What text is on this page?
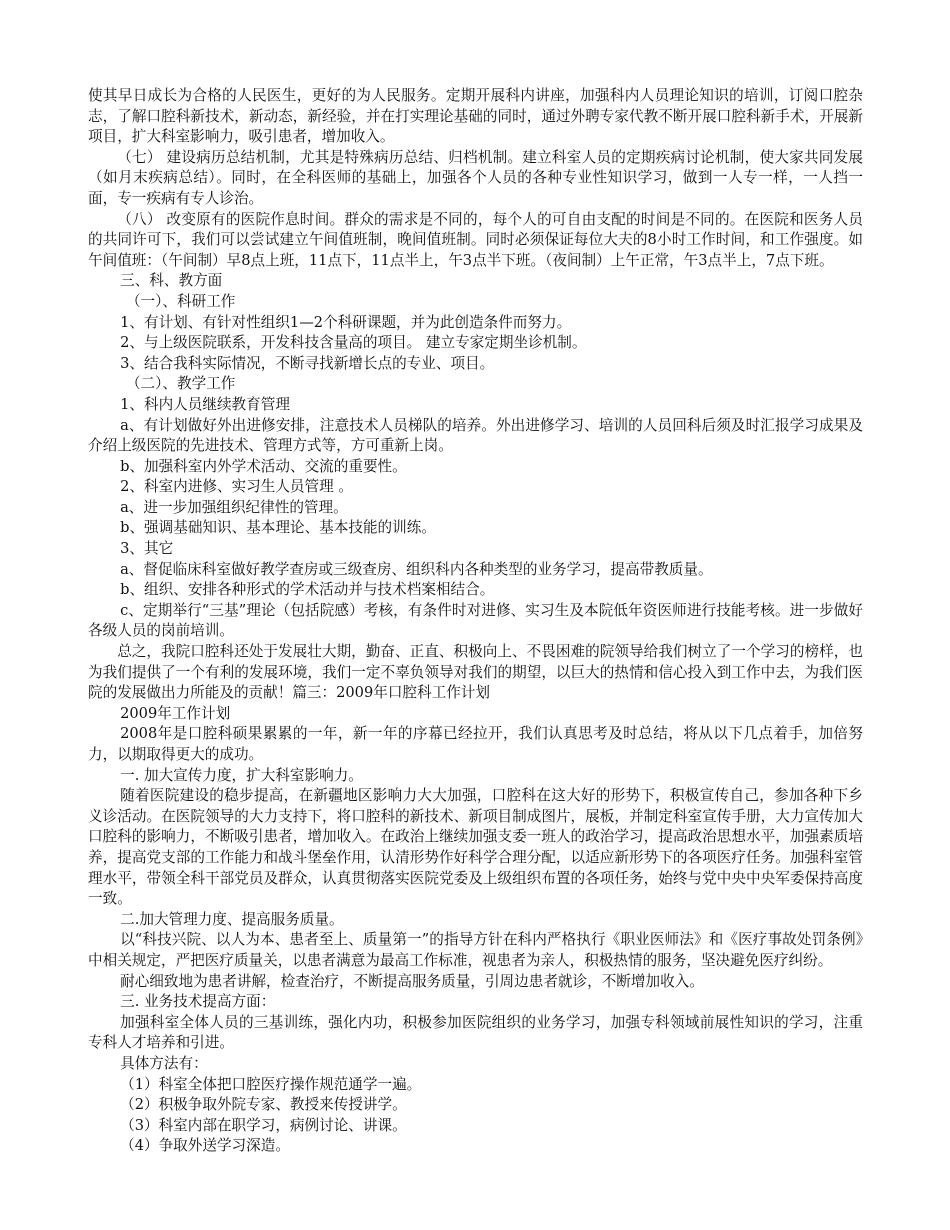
使其早日成长为合格的人民医生，更好的为人民服务。定期开展科内讲座，加强科内人员理论知识的培训，订阅口腔杂志，了解口腔科新技术，新动态，新经验，并在打实理论基础的同时，通过外聘专家代教不断开展口腔科新手术，开展新项目，扩大科室影响力，吸引患者，增加收入。

（七） 建设病历总结机制，尤其是特殊病历总结、归档机制。建立科室人员的定期疾病讨论机制，使大家共同发展（如月末疾病总结）。同时，在全科医师的基础上，加强各个人员的各种专业性知识学习，做到一人专一样，一人挡一面，专一疾病有专人诊治。

（八） 改变原有的医院作息时间。群众的需求是不同的，每个人的可自由支配的时间是不同的。在医院和医务人员的共同许可下，我们可以尝试建立午间值班制，晚间值班制。同时必须保证每位大夫的8小时工作时间，和工作强度。如午间值班：（午间制）早8点上班，11点下，11点半上，午3点半下班。（夜间制）上午正常，午3点半上，7点下班。

三、科、教方面

（一）、科研工作

1、有计划、有针对性组织1—2个科研课题，并为此创造条件而努力。

2、与上级医院联系，开发科技含量高的项目。 建立专家定期坐诊机制。

3、结合我科实际情况，不断寻找新增长点的专业、项目。

（二）、教学工作

1、科内人员继续教育管理

a、有计划做好外出进修安排，注意技术人员梯队的培养。外出进修学习、培训的人员回科后须及时汇报学习成果及介绍上级医院的先进技术、管理方式等，方可重新上岗。

b、加强科室内外学术活动、交流的重要性。

2、科室内进修、实习生人员管理 。

a、进一步加强组织纪律性的管理。

b、强调基础知识、基本理论、基本技能的训练。

3、其它

a、督促临床科室做好教学查房或三级查房、组织科内各种类型的业务学习，提高带教质量。

b、组织、安排各种形式的学术活动并与技术档案相结合。

c、定期举行“三基”理论（包括院感）考核，有条件时对进修、实习生及本院低年资医师进行技能考核。进一步做好各级人员的岗前培训。

总之，我院口腔科还处于发展壮大期，勤奋、正直、积极向上、不畏困难的院领导给我们树立了一个学习的榜样，也为我们提供了一个有利的发展环境，我们一定不辜负领导对我们的期望，以巨大的热情和信心投入到工作中去，为我们医院的发展做出力所能及的贡献！篇三：2009年口腔科工作计划

2009年工作计划

2008年是口腔科硕果累累的一年，新一年的序幕已经拉开，我们认真思考及时总结，将从以下几点着手，加倍努力，以期取得更大的成功。

一. 加大宣传力度，扩大科室影响力。

随着医院建设的稳步提高，在新疆地区影响力大大加强，口腔科在这大好的形势下，积极宣传自己，参加各种下乡义诊活动。在医院领导的大力支持下，将口腔科的新技术、新项目制成图片，展板，并制定科室宣传手册，大力宣传加大口腔科的影响力，不断吸引患者，增加收入。在政治上继续加强支委一班人的政治学习，提高政治思想水平，加强素质培养，提高党支部的工作能力和战斗堡垒作用，认清形势作好科学合理分配，以适应新形势下的各项医疗任务。加强科室管理水平，带领全科干部党员及群众，认真贯彻落实医院党委及上级组织布置的各项任务，始终与党中央中央军委保持高度一致。

二.加大管理力度、提高服务质量。

以“科技兴院、以人为本、患者至上、质量第一”的指导方针在科内严格执行《职业医师法》和《医疗事故处罚条例》中相关规定，严把医疗质量关，以患者满意为最高工作标准，视患者为亲人，积极热情的服务，坚决避免医疗纠纷。

耐心细致地为患者讲解，检查治疗，不断提高服务质量，引周边患者就诊，不断增加收入。

三. 业务技术提高方面：

加强科室全体人员的三基训练，强化内功，积极参加医院组织的业务学习，加强专科领域前展性知识的学习，注重专科人才培养和引进。

具体方法有：

（1）科室全体把口腔医疗操作规范通学一遍。

（2）积极争取外院专家、教授来传授讲学。

（3）科室内部在职学习，病例讨论、讲课。

（4）争取外送学习深造。
